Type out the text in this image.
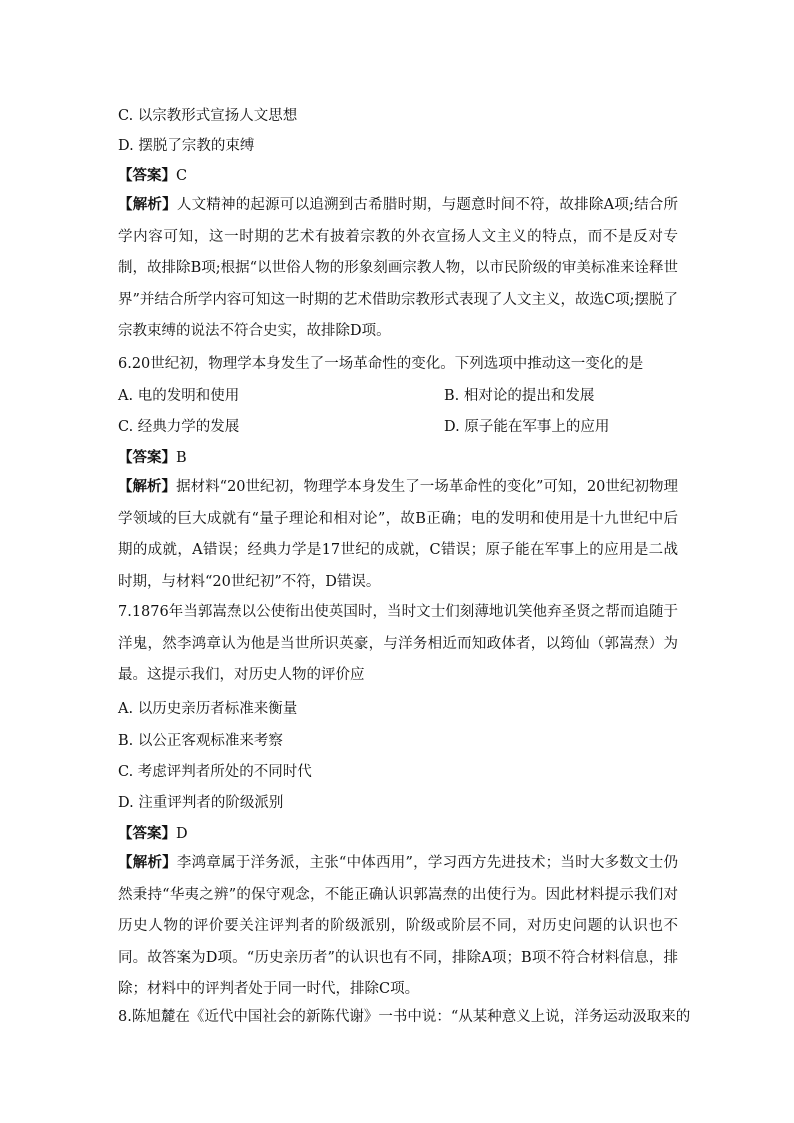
C. 以宗教形式宣扬人文思想
D. 摆脱了宗教的束缚
【答案】C
【解析】人文精神的起源可以追溯到古希腊时期，与题意时间不符，故排除A项;结合所学内容可知，这一时期的艺术有披着宗教的外衣宣扬人文主义的特点，而不是反对专制，故排除B项;根据“以世俗人物的形象刻画宗教人物，以市民阶级的审美标准来诠释世界”并结合所学内容可知这一时期的艺术借助宗教形式表现了人文主义，故选C项;摆脱了宗教束缚的说法不符合史实，故排除D项。
6.20世纪初，物理学本身发生了一场革命性的变化。下列选项中推动这一变化的是
A. 电的发明和使用	B. 相对论的提出和发展
C. 经典力学的发展	D. 原子能在军事上的应用
【答案】B
【解析】据材料“20世纪初，物理学本身发生了一场革命性的变化”可知，20世纪初物理学领域的巨大成就有“量子理论和相对论”，故B正确；电的发明和使用是十九世纪中后期的成就，A错误；经典力学是17世纪的成就，C错误；原子能在军事上的应用是二战时期，与材料“20世纪初”不符，D错误。
7.1876年当郭嵩焘以公使衔出使英国时，当时文士们刻薄地讥笑他弃圣贤之帮而追随于洋鬼，然李鸿章认为他是当世所识英豪，与洋务相近而知政体者，以筠仙（郭嵩焘）为最。这提示我们，对历史人物的评价应
A. 以历史亲历者标准来衡量
B. 以公正客观标准来考察
C. 考虑评判者所处的不同时代
D. 注重评判者的阶级派别
【答案】D
【解析】李鸿章属于洋务派，主张“中体西用”，学习西方先进技术；当时大多数文士仍然秉持“华夷之辨”的保守观念，不能正确认识郭嵩焘的出使行为。因此材料提示我们对历史人物的评价要关注评判者的阶级派别，阶级或阶层不同，对历史问题的认识也不同。故答案为D项。“历史亲历者”的认识也有不同，排除A项；B项不符合材料信息，排除；材料中的评判者处于同一时代，排除C项。
8.陈旭麓在《近代中国社会的新陈代谢》一书中说：“从某种意义上说，洋务运动汲取来的
